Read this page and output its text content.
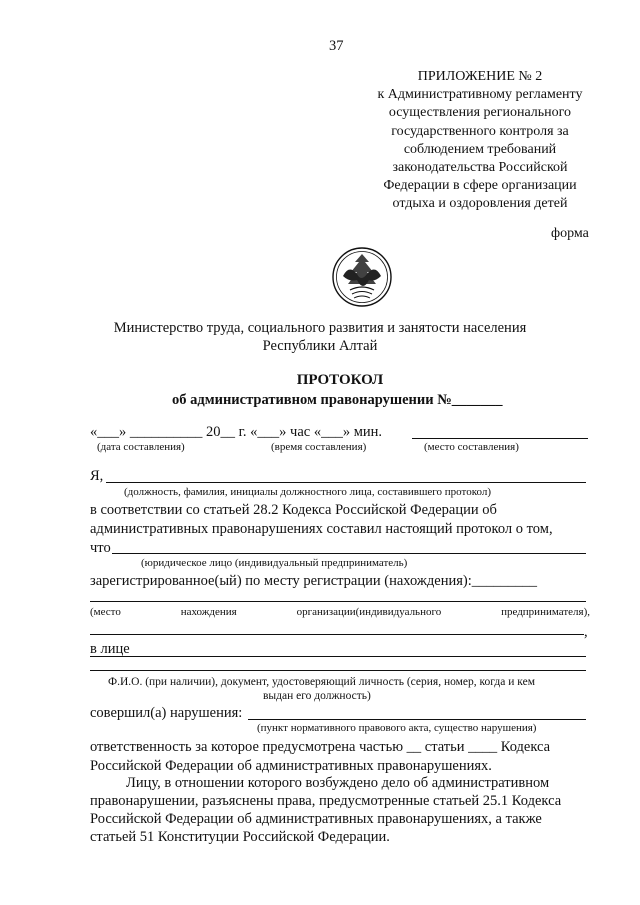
37
ПРИЛОЖЕНИЕ № 2
к Административному регламенту
осуществления регионального
государственного контроля за
соблюдением требований
законодательства Российской
Федерации в сфере организации
отдыха и оздоровления детей
форма
Министерство труда, социального развития и занятости населения
Республики Алтай
ПРОТОКОЛ
об административном правонарушении №_______
«___» __________ 20__ г. «___» час «___» мин.
(дата составления)	(время составления)	(место составления)
Я,
(должность, фамилия, инициалы должностного лица, составившего протокол)
в соответствии со статьей 28.2 Кодекса Российской Федерации об
административных правонарушениях составил настоящий протокол о том,
что
(юридическое лицо (индивидуальный предприниматель)
зарегистрированное(ый) по месту регистрации (нахождения):_________
(место	нахождения	организации(индивидуального	предпринимателя),
,
в лице
Ф.И.О. (при наличии), документ, удостоверяющий личность (серия, номер, когда и кем
выдан его должность)
совершил(а) нарушения:
(пункт нормативного правового акта, существо нарушения)
ответственность за которое предусмотрена частью __ статьи ____ Кодекса
Российской Федерации об административных правонарушениях.
Лицу, в отношении которого возбуждено дело об административном
правонарушении, разъяснены права, предусмотренные статьей 25.1 Кодекса
Российской Федерации об административных правонарушениях, а также
статьей 51 Конституции Российской Федерации.
